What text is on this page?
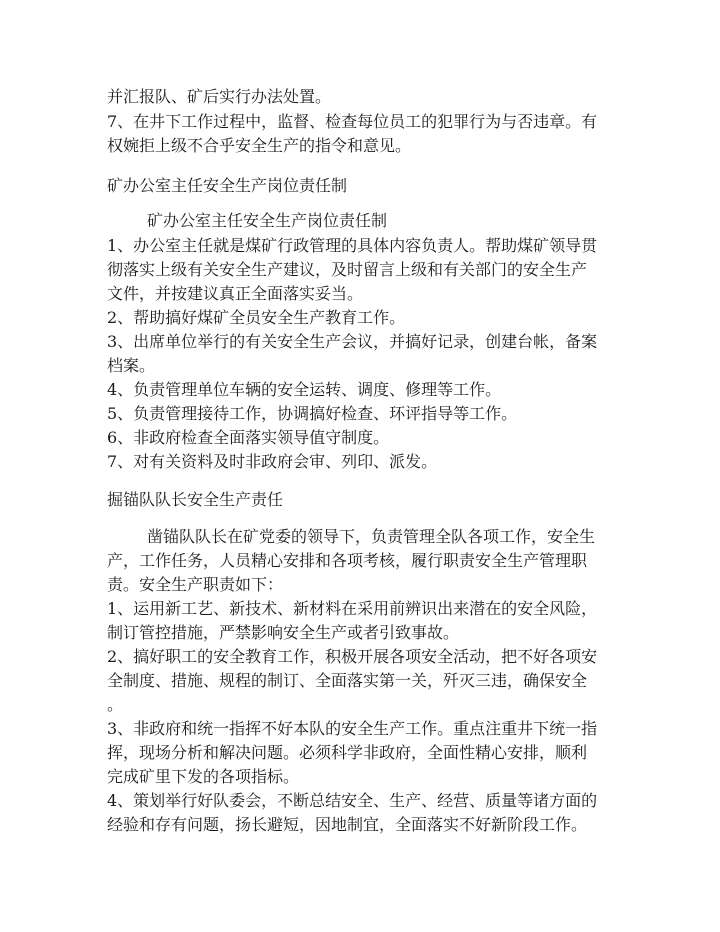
并汇报队、矿后实行办法处置。
7、在井下工作过程中，监督、检查每位员工的犯罪行为与否违章。有
权婉拒上级不合乎安全生产的指令和意见。
矿办公室主任安全生产岗位责任制
矿办公室主任安全生产岗位责任制
1、办公室主任就是煤矿行政管理的具体内容负责人。帮助煤矿领导贯
彻落实上级有关安全生产建议，及时留言上级和有关部门的安全生产
文件，并按建议真正全面落实妥当。
2、帮助搞好煤矿全员安全生产教育工作。
3、出席单位举行的有关安全生产会议，并搞好记录，创建台帐，备案
档案。
4、负责管理单位车辆的安全运转、调度、修理等工作。
5、负责管理接待工作，协调搞好检查、环评指导等工作。
6、非政府检查全面落实领导值守制度。
7、对有关资料及时非政府会审、列印、派发。
掘锚队队长安全生产责任
凿锚队队长在矿党委的领导下，负责管理全队各项工作，安全生
产，工作任务，人员精心安排和各项考核，履行职责安全生产管理职
责。安全生产职责如下：
1、运用新工艺、新技术、新材料在采用前辨识出来潜在的安全风险，
制订管控措施，严禁影响安全生产或者引致事故。
2、搞好职工的安全教育工作，积极开展各项安全活动，把不好各项安
全制度、措施、规程的制订、全面落实第一关，歼灭三违，确保安全
。
3、非政府和统一指挥不好本队的安全生产工作。重点注重井下统一指
挥，现场分析和解决问题。必须科学非政府，全面性精心安排，顺利
完成矿里下发的各项指标。
4、策划举行好队委会，不断总结安全、生产、经营、质量等诸方面的
经验和存有问题，扬长避短，因地制宜，全面落实不好新阶段工作。
